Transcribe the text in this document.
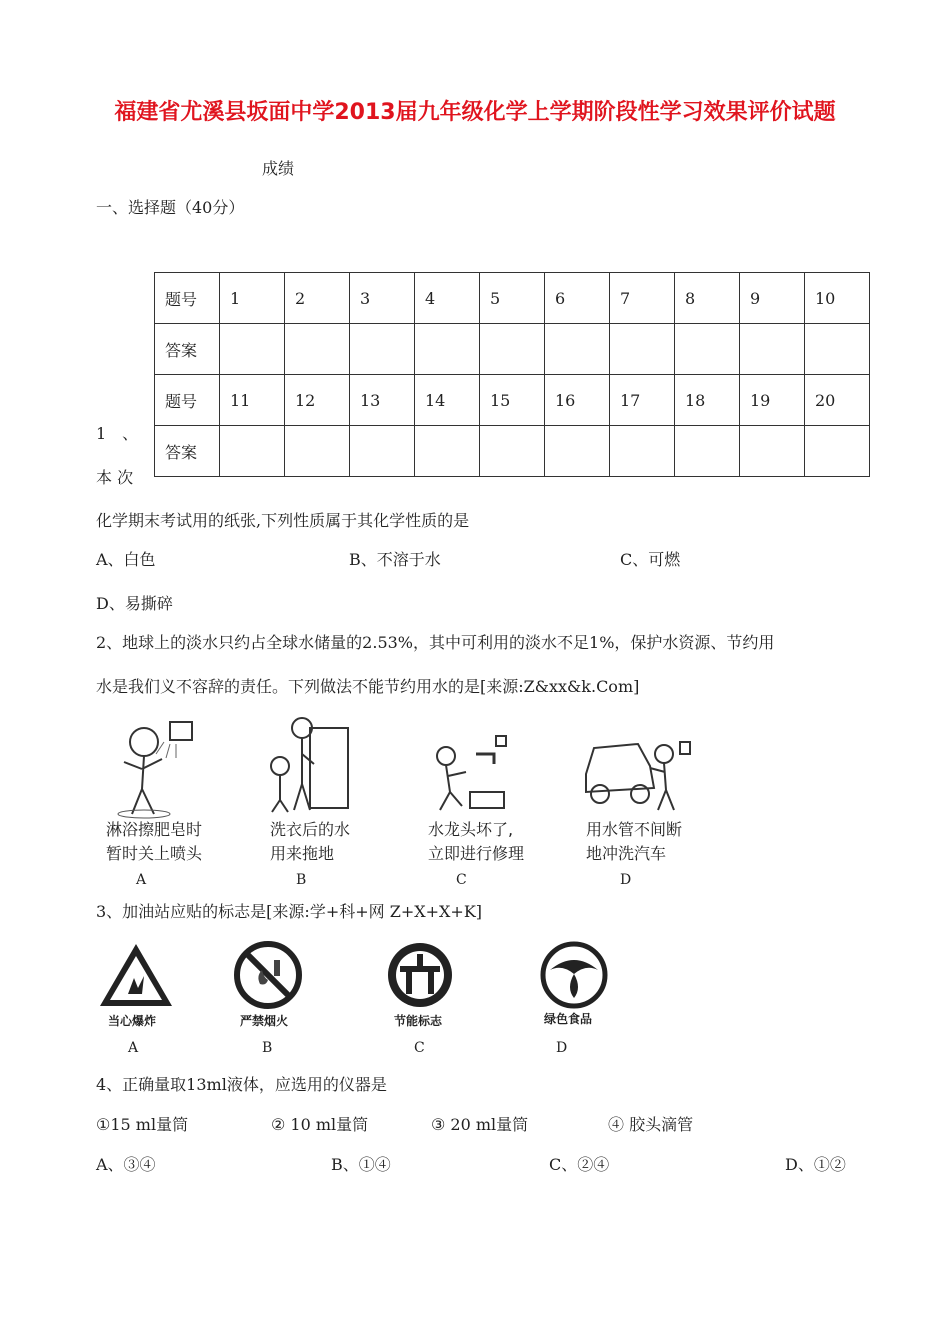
福建省尤溪县坂面中学2013届九年级化学上学期阶段性学习效果评价试题
成绩
一、选择题（40分）
题号	1	2	3	4	5	6	7	8	9	10
答案										
题号	11	12	13	14	15	16	17	18	19	20
答案										
1　、
本 次
化学期末考试用的纸张,下列性质属于其化学性质的是
A、白色	B、不溶于水	C、可燃
D、易撕碎
2、地球上的淡水只约占全球水储量的2.53%，其中可利用的淡水不足1%，保护水资源、节约用
水是我们义不容辞的责任。下列做法不能节约用水的是[来源:Z&xx&k.Com]
淋浴擦肥皂时
暂时关上喷头
A
洗衣后的水
用来拖地
B
水龙头坏了,
立即进行修理
C
用水管不间断
地冲洗汽车
D
3、加油站应贴的标志是[来源:学+科+网 Z+X+X+K]
当心爆炸
A
严禁烟火
B
节能标志
C
绿色食品
D
4、正确量取13ml液体，应选用的仪器是
①15 ml量筒	② 10 ml量筒	③ 20 ml量筒	④ 胶头滴管
A、③④	B、①④	C、②④	D、①②
